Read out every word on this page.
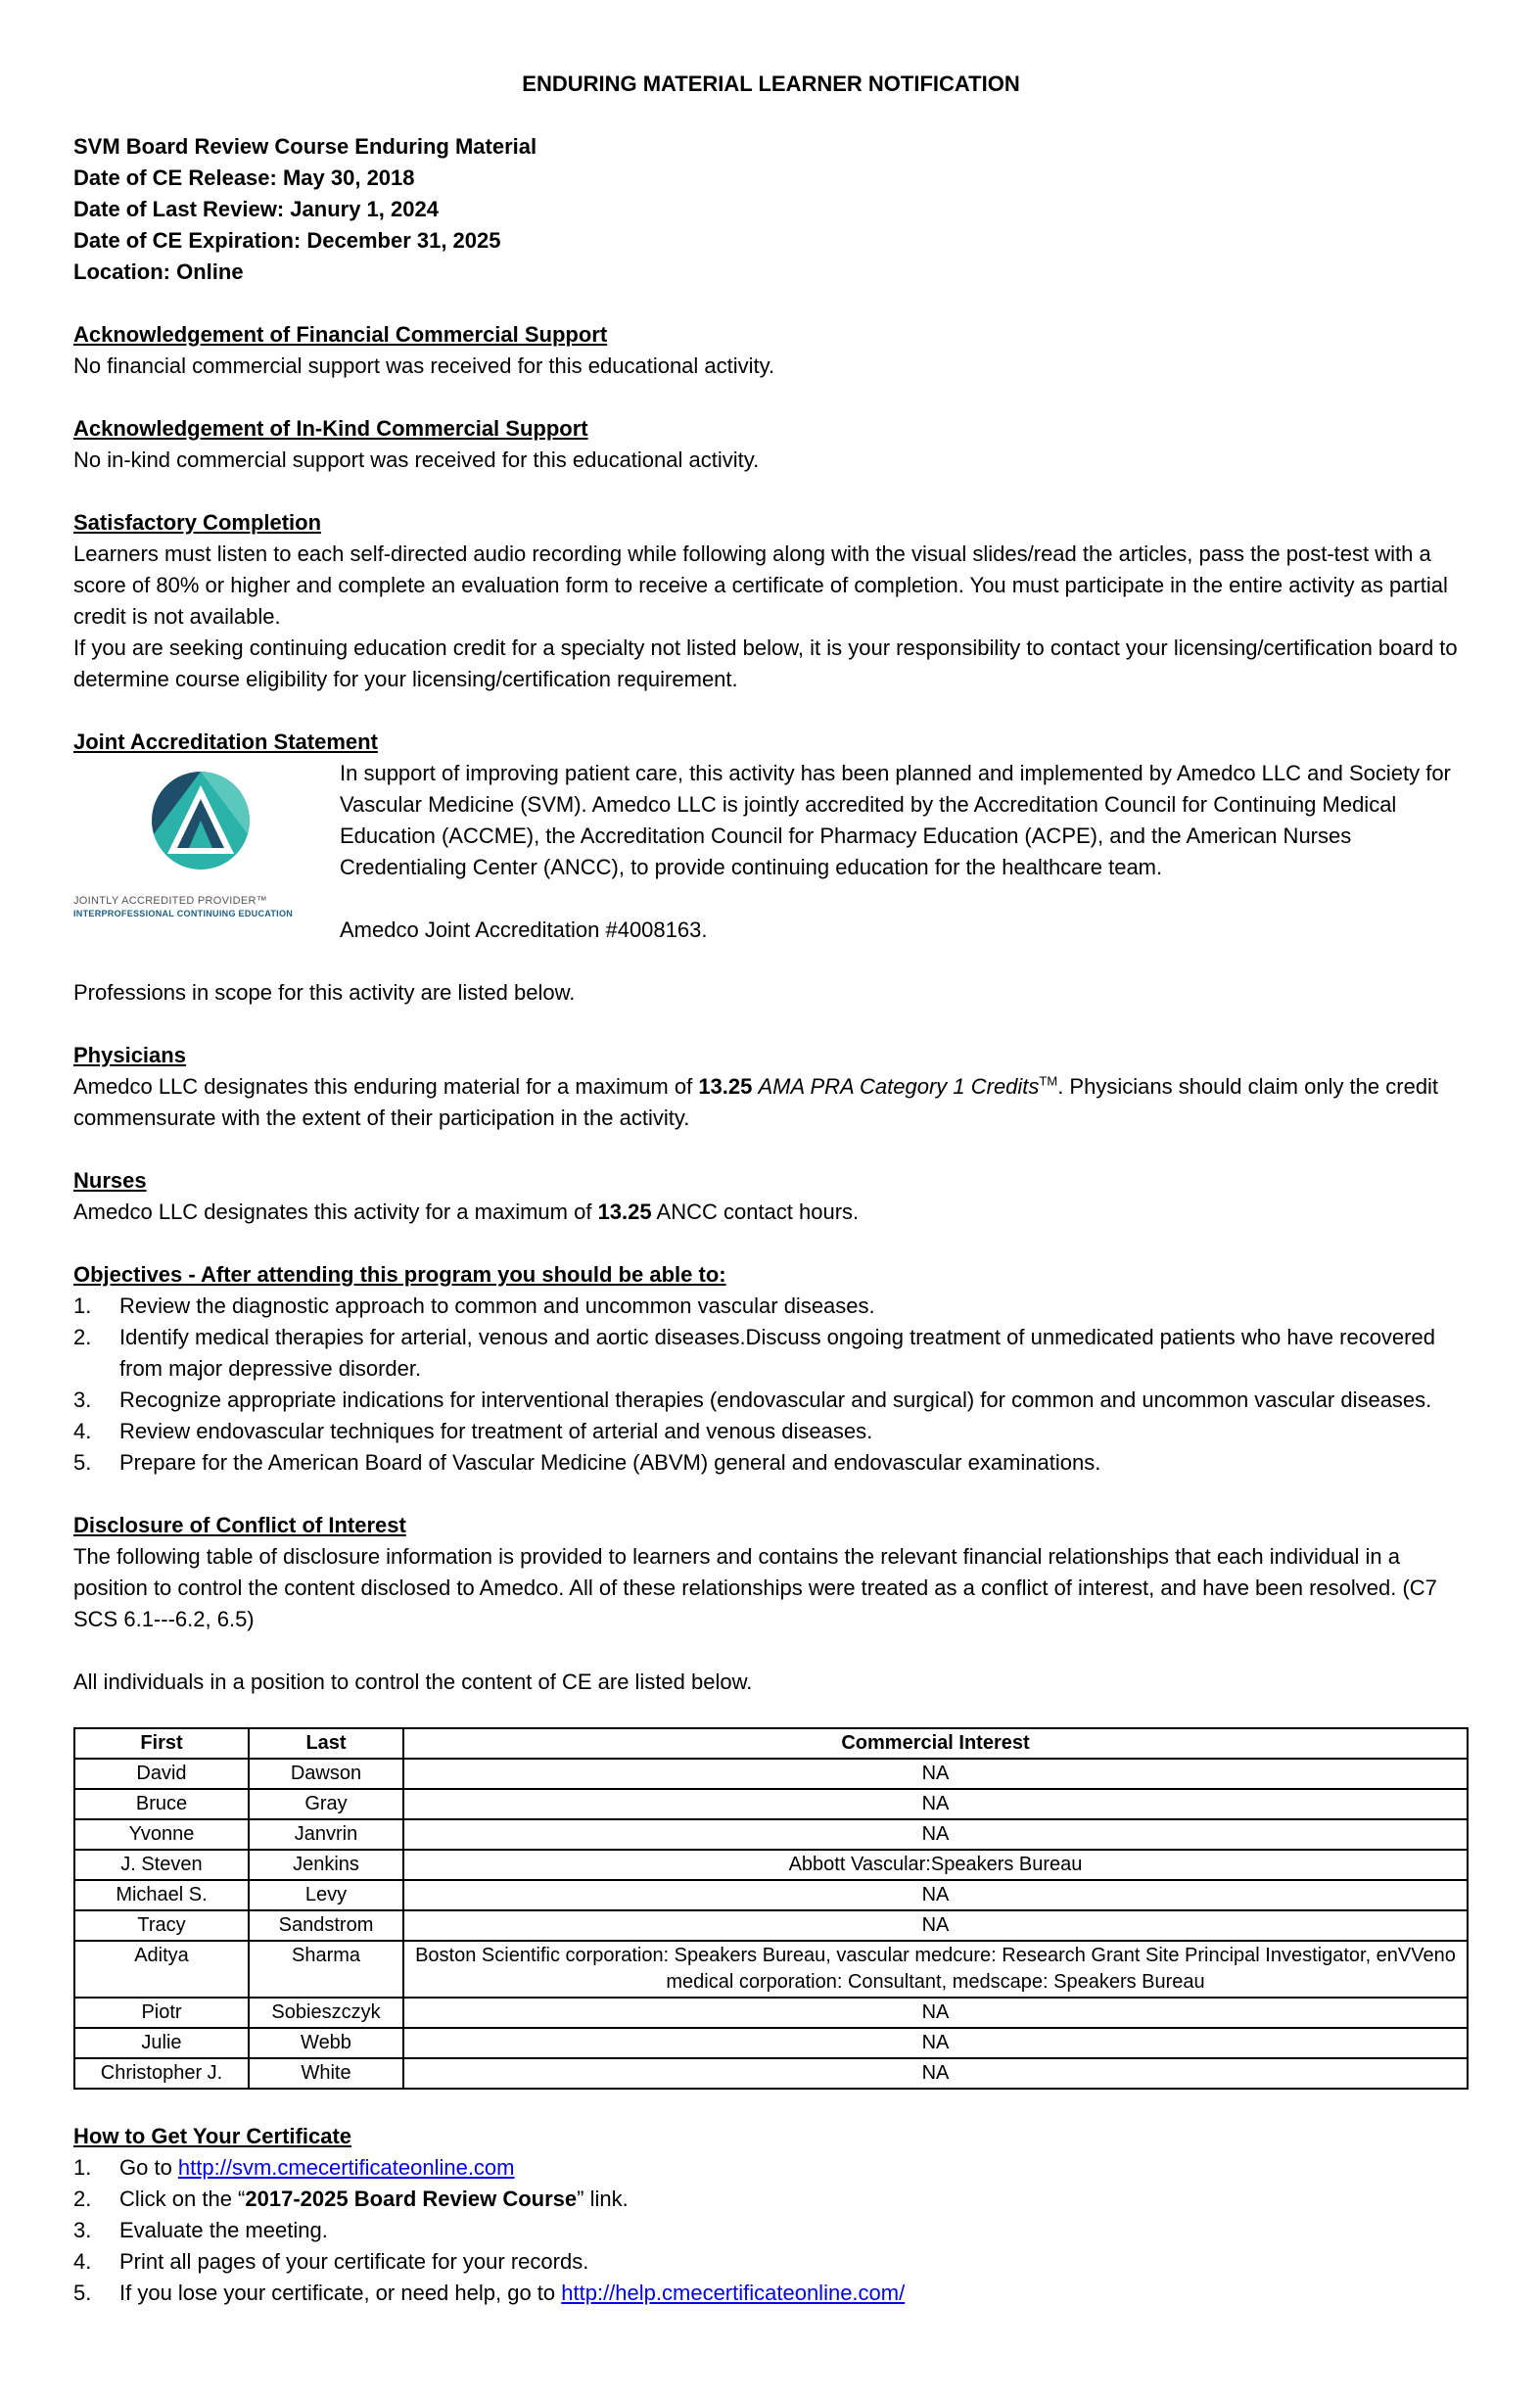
ENDURING MATERIAL LEARNER NOTIFICATION

SVM Board Review Course Enduring Material

Date of CE Release: May 30, 2018

Date of Last Review: Janury 1, 2024

Date of CE Expiration: December 31, 2025

Location: Online

Acknowledgement of Financial Commercial Support

No financial commercial support was received for this educational activity.

Acknowledgement of In-Kind Commercial Support

No in-kind commercial support was received for this educational activity.

Satisfactory Completion

Learners must listen to each self-directed audio recording while following along with the visual slides/read the articles, pass the post-test with a score of 80% or higher and complete an evaluation form to receive a certificate of completion. You must participate in the entire activity as partial credit is not available.

If you are seeking continuing education credit for a specialty not listed below, it is your responsibility to contact your licensing/certification board to determine course eligibility for your licensing/certification requirement.

Joint Accreditation Statement

JOINTLY ACCREDITED PROVIDER™
INTERPROFESSIONAL CONTINUING EDUCATION

In support of improving patient care, this activity has been planned and implemented by Amedco LLC and Society for Vascular Medicine (SVM). Amedco LLC is jointly accredited by the Accreditation Council for Continuing Medical Education (ACCME), the Accreditation Council for Pharmacy Education (ACPE), and the American Nurses Credentialing Center (ANCC), to provide continuing education for the healthcare team.

Amedco Joint Accreditation #4008163.

Professions in scope for this activity are listed below.

Physicians

Amedco LLC designates this enduring material for a maximum of 13.25 AMA PRA Category 1 Credits™. Physicians should claim only the credit commensurate with the extent of their participation in the activity.

Nurses

Amedco LLC designates this activity for a maximum of 13.25 ANCC contact hours.

Objectives - After attending this program you should be able to:

1.	Review the diagnostic approach to common and uncommon vascular diseases.
2.	Identify medical therapies for arterial, venous and aortic diseases.Discuss ongoing treatment of unmedicated patients who have recovered from major depressive disorder.
3.	Recognize appropriate indications for interventional therapies (endovascular and surgical) for common and uncommon vascular diseases.
4.	Review endovascular techniques for treatment of arterial and venous diseases.
5.	Prepare for the American Board of Vascular Medicine (ABVM) general and endovascular examinations.

Disclosure of Conflict of Interest

The following table of disclosure information is provided to learners and contains the relevant financial relationships that each individual in a position to control the content disclosed to Amedco. All of these relationships were treated as a conflict of interest, and have been resolved. (C7 SCS 6.1---6.2, 6.5)

All individuals in a position to control the content of CE are listed below.

First	Last	Commercial Interest
David	Dawson	NA
Bruce	Gray	NA
Yvonne	Janvrin	NA
J. Steven	Jenkins	Abbott Vascular:Speakers Bureau
Michael S.	Levy	NA
Tracy	Sandstrom	NA
Aditya	Sharma	Boston Scientific corporation: Speakers Bureau, vascular medcure: Research Grant Site Principal Investigator, enVVeno medical corporation: Consultant, medscape: Speakers Bureau
Piotr	Sobieszczyk	NA
Julie	Webb	NA
Christopher J.	White	NA

How to Get Your Certificate

1.	Go to http://svm.cmecertificateonline.com
2.	Click on the “2017-2025 Board Review Course” link.
3.	Evaluate the meeting.
4.	Print all pages of your certificate for your records.
5.	If you lose your certificate, or need help, go to http://help.cmecertificateonline.com/
